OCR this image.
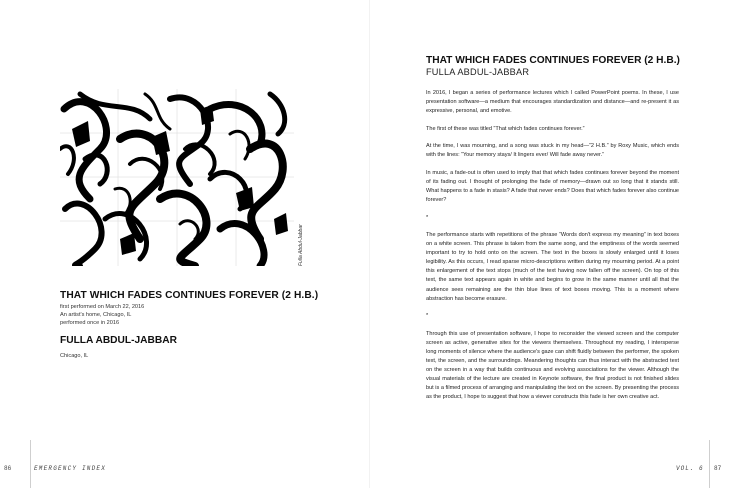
Fulla Abdul-Jabbar
THAT WHICH FADES CONTINUES FOREVER (2 H.B.)
first performed on March 22, 2016
An artist's home, Chicago, IL
performed once in 2016
FULLA ABDUL-JABBAR
Chicago, IL
86	EMERGENCY INDEX
THAT WHICH FADES CONTINUES FOREVER (2 H.B.)
FULLA ABDUL-JABBAR

In 2016, I began a series of performance lectures which I called PowerPoint poems. In these, I use presentation software—a medium that encourages standardization and distance—and re-present it as expressive, personal, and emotive.

The first of these was titled “That which fades continues forever.”

At the time, I was mourning, and a song was stuck in my head—“2 H.B.” by Roxy Music, which ends with the lines: “Your memory stays/ It lingers ever/ Will fade away never.”

In music, a fade-out is often used to imply that that which fades continues forever beyond the moment of its fading out. I thought of prolonging the fade of memory—drawn out so long that it stands still. What happens to a fade in stasis? A fade that never ends? Does that which fades forever also continue forever?

*

The performance starts with repetitions of the phrase “Words don't express my meaning” in text boxes on a white screen. This phrase is taken from the same song, and the emptiness of the words seemed important to try to hold onto on the screen. The text in the boxes is slowly enlarged until it loses legibility. As this occurs, I read sparse micro-descriptions written during my mourning period. At a point this enlargement of the text stops (much of the text having now fallen off the screen). On top of this text, the same text appears again in white and begins to grow in the same manner until all that the audience sees remaining are the thin blue lines of text boxes moving. This is a moment where abstraction has become erasure.

*

Through this use of presentation software, I hope to reconsider the viewed screen and the computer screen as active, generative sites for the viewers themselves. Throughout my reading, I intersperse long moments of silence where the audience's gaze can shift fluidly between the performer, the spoken text, the screen, and the surroundings. Meandering thoughts can thus interact with the abstracted text on the screen in a way that builds continuous and evolving associations for the viewer. Although the visual materials of the lecture are created in Keynote software, the final product is not finished slides but is a filmed process of arranging and manipulating the text on the screen. By presenting the process as the product, I hope to suggest that how a viewer constructs this fade is her own creative act.

VOL. 6 87
